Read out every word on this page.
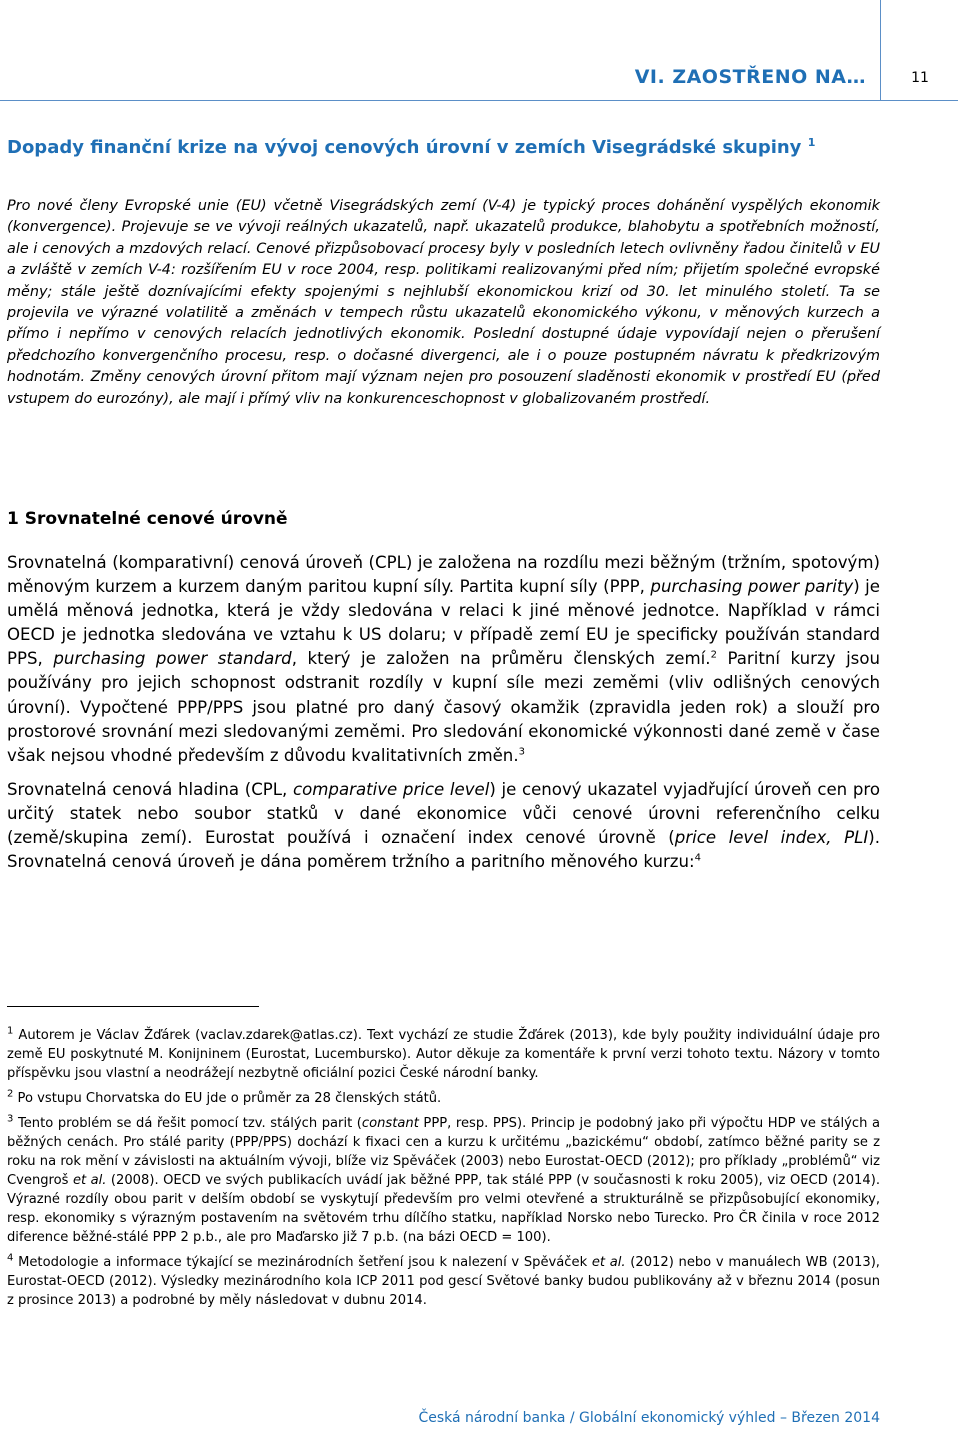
VI. ZAOSTŘENO NA…	11
Dopady finanční krize na vývoj cenových úrovní v zemích Visegrádské skupiny $^1$
Pro nové členy Evropské unie (EU) včetně Visegrádských zemí (V-4) je typický proces dohánění vyspělých ekonomik (konvergence). Projevuje se ve vývoji reálných ukazatelů, např. ukazatelů produkce, blahobytu a spotřebních možností, ale i cenových a mzdových relací. Cenové přizpůsobovací procesy byly v posledních letech ovlivněny řadou činitelů v EU a zvláště v zemích V-4: rozšířením EU v roce 2004, resp. politikami realizovanými před ním; přijetím společné evropské měny; stále ještě doznívajícími efekty spojenými s nejhlubší ekonomickou krizí od 30. let minulého století. Ta se projevila ve výrazné volatilitě a změnách v tempech růstu ukazatelů ekonomického výkonu, v měnových kurzech a přímo i nepřímo v cenových relacích jednotlivých ekonomik. Poslední dostupné údaje vypovídají nejen o přerušení předchozího konvergenčního procesu, resp. o dočasné divergenci, ale i o pouze postupném návratu k předkrizovým hodnotám. Změny cenových úrovní přitom mají význam nejen pro posouzení sladěnosti ekonomik v prostředí EU (před vstupem do eurozóny), ale mají i přímý vliv na konkurenceschopnost v globalizovaném prostředí.
1 Srovnatelné cenové úrovně

Srovnatelná (komparativní) cenová úroveň (CPL) je založena na rozdílu mezi běžným (tržním, spotovým) měnovým kurzem a kurzem daným paritou kupní síly. Partita kupní síly (PPP, purchasing power parity) je umělá měnová jednotka, která je vždy sledována v relaci k jiné měnové jednotce. Například v rámci OECD je jednotka sledována ve vztahu k US dolaru; v případě zemí EU je specificky používán standard PPS, purchasing power standard, který je založen na průměru členských zemí.$^2$ Paritní kurzy jsou používány pro jejich schopnost odstranit rozdíly v kupní síle mezi zeměmi (vliv odlišných cenových úrovní). Vypočtené PPP/PPS jsou platné pro daný časový okamžik (zpravidla jeden rok) a slouží pro prostorové srovnání mezi sledovanými zeměmi. Pro sledování ekonomické výkonnosti dané země v čase však nejsou vhodné především z důvodu kvalitativních změn.$^3$

Srovnatelná cenová hladina (CPL, comparative price level) je cenový ukazatel vyjadřující úroveň cen pro určitý statek nebo soubor statků v dané ekonomice vůči cenové úrovni referenčního celku (země/skupina zemí). Eurostat používá i označení index cenové úrovně (price level index, PLI). Srovnatelná cenová úroveň je dána poměrem tržního a paritního měnového kurzu:$^4$

$^1$ Autorem je Václav Žďárek (vaclav.zdarek@atlas.cz). Text vychází ze studie Žďárek (2013), kde byly použity individuální údaje pro země EU poskytnuté M. Konijninem (Eurostat, Lucembursko). Autor děkuje za komentáře k první verzi tohoto textu. Názory v tomto příspěvku jsou vlastní a neodrážejí nezbytně oficiální pozici České národní banky.

$^2$ Po vstupu Chorvatska do EU jde o průměr za 28 členských států.

$^3$ Tento problém se dá řešit pomocí tzv. stálých parit (constant PPP, resp. PPS). Princip je podobný jako při výpočtu HDP ve stálých a běžných cenách. Pro stálé parity (PPP/PPS) dochází k fixaci cen a kurzu k určitému „bazickému“ období, zatímco běžné parity se z roku na rok mění v závislosti na aktuálním vývoji, blíže viz Spěváček (2003) nebo Eurostat-OECD (2012); pro příklady „problémů“ viz Cvengroš et al. (2008). OECD ve svých publikacích uvádí jak běžné PPP, tak stálé PPP (v současnosti k roku 2005), viz OECD (2014). Výrazné rozdíly obou parit v delším období se vyskytují především pro velmi otevřené a strukturálně se přizpůsobující ekonomiky, resp. ekonomiky s výrazným postavením na světovém trhu dílčího statku, například Norsko nebo Turecko. Pro ČR činila v roce 2012 diference běžné-stálé PPP 2 p.b., ale pro Maďarsko již 7 p.b. (na bázi OECD = 100).

$^4$ Metodologie a informace týkající se mezinárodních šetření jsou k nalezení v Spěváček et al. (2012) nebo v manuálech WB (2013), Eurostat-OECD (2012). Výsledky mezinárodního kola ICP 2011 pod gescí Světové banky budou publikovány až v březnu 2014 (posun z prosince 2013) a podrobné by měly následovat v dubnu 2014.

Česká národní banka / Globální ekonomický výhled – Březen 2014
